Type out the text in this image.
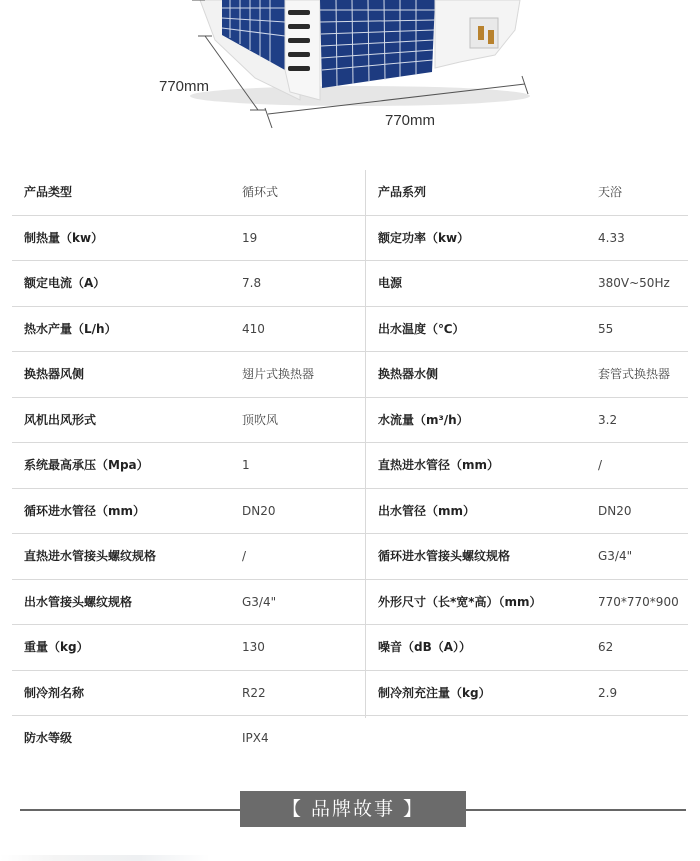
770mm
770mm
产品类型	循环式	产品系列	天浴
制热量（kw）	19	额定功率（kw）	4.33
额定电流（A）	7.8	电源	380V~50Hz
热水产量（L/h）	410	出水温度（℃）	55
换热器风侧	翅片式换热器	换热器水侧	套管式换热器
风机出风形式	顶吹风	水流量（m³/h）	3.2
系统最高承压（Mpa）	1	直热进水管径（mm）	/
循环进水管径（mm）	DN20	出水管径（mm）	DN20
直热进水管接头螺纹规格	/	循环进水管接头螺纹规格	G3/4"
出水管接头螺纹规格	G3/4"	外形尺寸（长*宽*高）（mm）	770*770*900
重量（kg）	130	噪音（dB（A））	62
制冷剂名称	R22	制冷剂充注量（kg）	2.9
防水等级	IPX4
【 品牌故事 】
